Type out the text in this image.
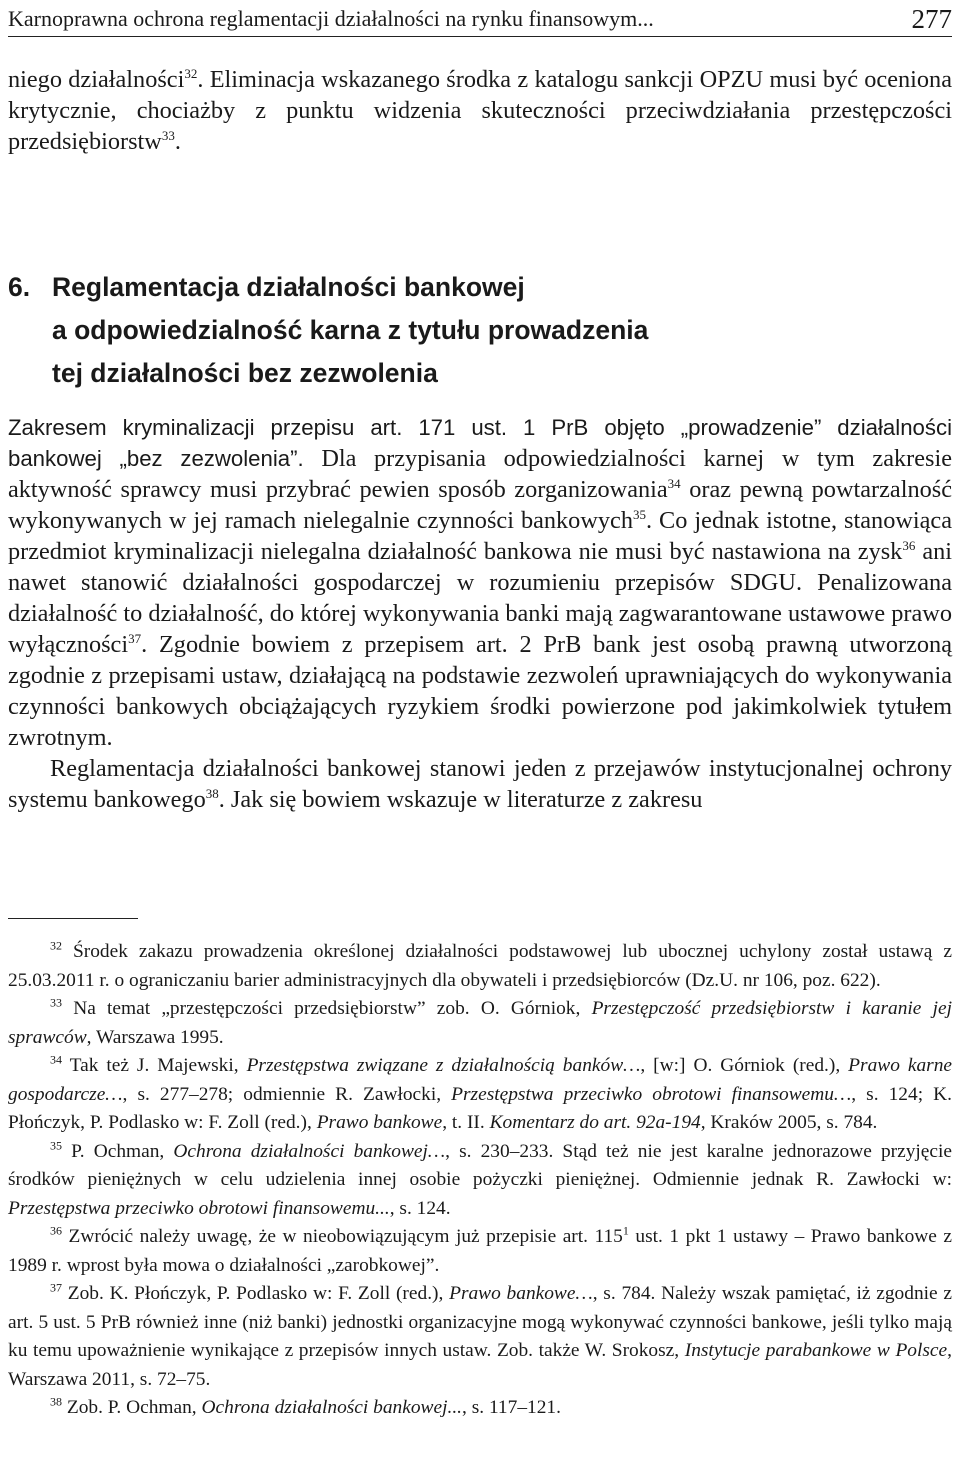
Karnoprawna ochrona reglamentacji działalności na rynku finansowym...	277

niego działalności$^{32}$. Eliminacja wskazanego środka z katalogu sankcji OPZU musi być oceniona krytycznie, chociażby z punktu widzenia skuteczności przeciwdziałania przestępczości przedsiębiorstw$^{33}$.

6. Reglamentacja działalności bankowej
a odpowiedzialność karna z tytułu prowadzenia
tej działalności bez zezwolenia

Zakresem kryminalizacji przepisu art. 171 ust. 1 PrB objęto „prowadzenie” działalności bankowej „bez zezwolenia”. Dla przypisania odpowiedzialności karnej w tym zakresie aktywność sprawcy musi przybrać pewien sposób zorganizowania$^{34}$ oraz pewną powtarzalność wykonywanych w jej ramach nielegalnie czynności bankowych$^{35}$. Co jednak istotne, stanowiąca przedmiot kryminalizacji nielegalna działalność bankowa nie musi być nastawiona na zysk$^{36}$ ani nawet stanowić działalności gospodarczej w rozumieniu przepisów SDGU. Penalizowana działalność to działalność, do której wykonywania banki mają zagwarantowane ustawowe prawo wyłączności$^{37}$. Zgodnie bowiem z przepisem art. 2 PrB bank jest osobą prawną utworzoną zgodnie z przepisami ustaw, działającą na podstawie zezwoleń uprawniających do wykonywania czynności bankowych obciążających ryzykiem środki powierzone pod jakimkolwiek tytułem zwrotnym.

Reglamentacja działalności bankowej stanowi jeden z przejawów instytucjonalnej ochrony systemu bankowego$^{38}$. Jak się bowiem wskazuje w literaturze z zakresu

$^{32}$ Środek zakazu prowadzenia określonej działalności podstawowej lub ubocznej uchylony został ustawą z 25.03.2011 r. o ograniczaniu barier administracyjnych dla obywateli i przedsiębiorców (Dz.U. nr 106, poz. 622).

$^{33}$ Na temat „przestępczości przedsiębiorstw” zob. O. Górniok, Przestępczość przedsiębiorstw i karanie jej sprawców, Warszawa 1995.

$^{34}$ Tak też J. Majewski, Przestępstwa związane z działalnością banków…, [w:] O. Górniok (red.), Prawo karne gospodarcze…, s. 277–278; odmiennie R. Zawłocki, Przestępstwa przeciwko obrotowi finansowemu…, s. 124; K. Płończyk, P. Podlasko w: F. Zoll (red.), Prawo bankowe, t. II. Komentarz do art. 92a-194, Kraków 2005, s. 784.

$^{35}$ P. Ochman, Ochrona działalności bankowej…, s. 230–233. Stąd też nie jest karalne jednorazowe przyjęcie środków pieniężnych w celu udzielenia innej osobie pożyczki pieniężnej. Odmiennie jednak R. Zawłocki w: Przestępstwa przeciwko obrotowi finansowemu..., s. 124.

$^{36}$ Zwrócić należy uwagę, że w nieobowiązującym już przepisie art. $115^1$ ust. 1 pkt 1 ustawy – Prawo bankowe z 1989 r. wprost była mowa o działalności „zarobkowej”.

$^{37}$ Zob. K. Płończyk, P. Podlasko w: F. Zoll (red.), Prawo bankowe…, s. 784. Należy wszak pamiętać, iż zgodnie z art. 5 ust. 5 PrB również inne (niż banki) jednostki organizacyjne mogą wykonywać czynności bankowe, jeśli tylko mają ku temu upoważnienie wynikające z przepisów innych ustaw. Zob. także W. Srokosz, Instytucje parabankowe w Polsce, Warszawa 2011, s. 72–75.

$^{38}$ Zob. P. Ochman, Ochrona działalności bankowej..., s. 117–121.
